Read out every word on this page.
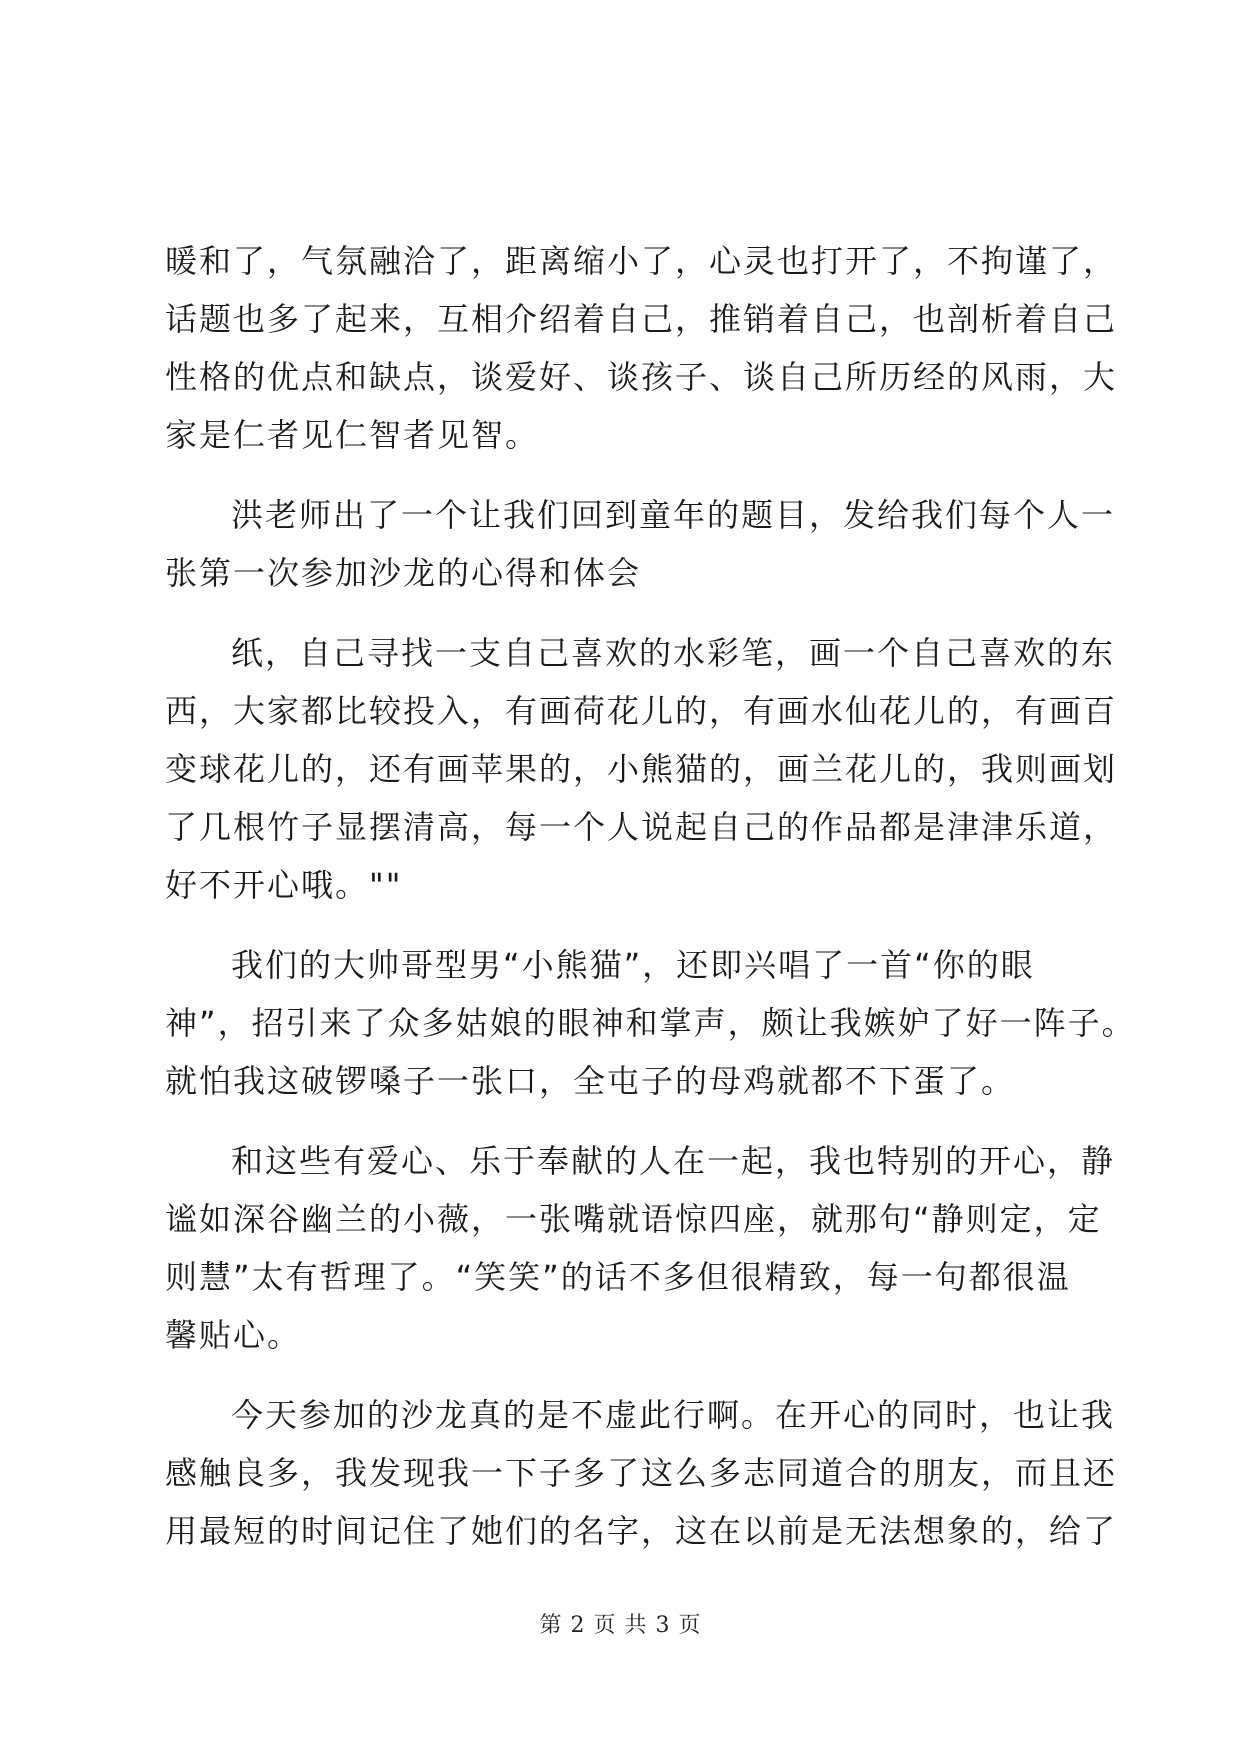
暖和了，气氛融洽了，距离缩小了，心灵也打开了，不拘谨了，
话题也多了起来，互相介绍着自己，推销着自己，也剖析着自己
性格的优点和缺点，谈爱好、谈孩子、谈自己所历经的风雨，大
家是仁者见仁智者见智。
洪老师出了一个让我们回到童年的题目，发给我们每个人一
张第一次参加沙龙的心得和体会
纸，自己寻找一支自己喜欢的水彩笔，画一个自己喜欢的东
西，大家都比较投入，有画荷花儿的，有画水仙花儿的，有画百
变球花儿的，还有画苹果的，小熊猫的，画兰花儿的，我则画划
了几根竹子显摆清高，每一个人说起自己的作品都是津津乐道，
好不开心哦。""
我们的大帅哥型男“小熊猫”，还即兴唱了一首“你的眼
神”，招引来了众多姑娘的眼神和掌声，颇让我嫉妒了好一阵子。
就怕我这破锣嗓子一张口，全屯子的母鸡就都不下蛋了。
和这些有爱心、乐于奉献的人在一起，我也特别的开心，静
谧如深谷幽兰的小薇，一张嘴就语惊四座，就那句“静则定，定
则慧”太有哲理了。“笑笑”的话不多但很精致，每一句都很温
馨贴心。
今天参加的沙龙真的是不虚此行啊。在开心的同时，也让我
感触良多，我发现我一下子多了这么多志同道合的朋友，而且还
用最短的时间记住了她们的名字，这在以前是无法想象的，给了
第 2 页 共 3 页
